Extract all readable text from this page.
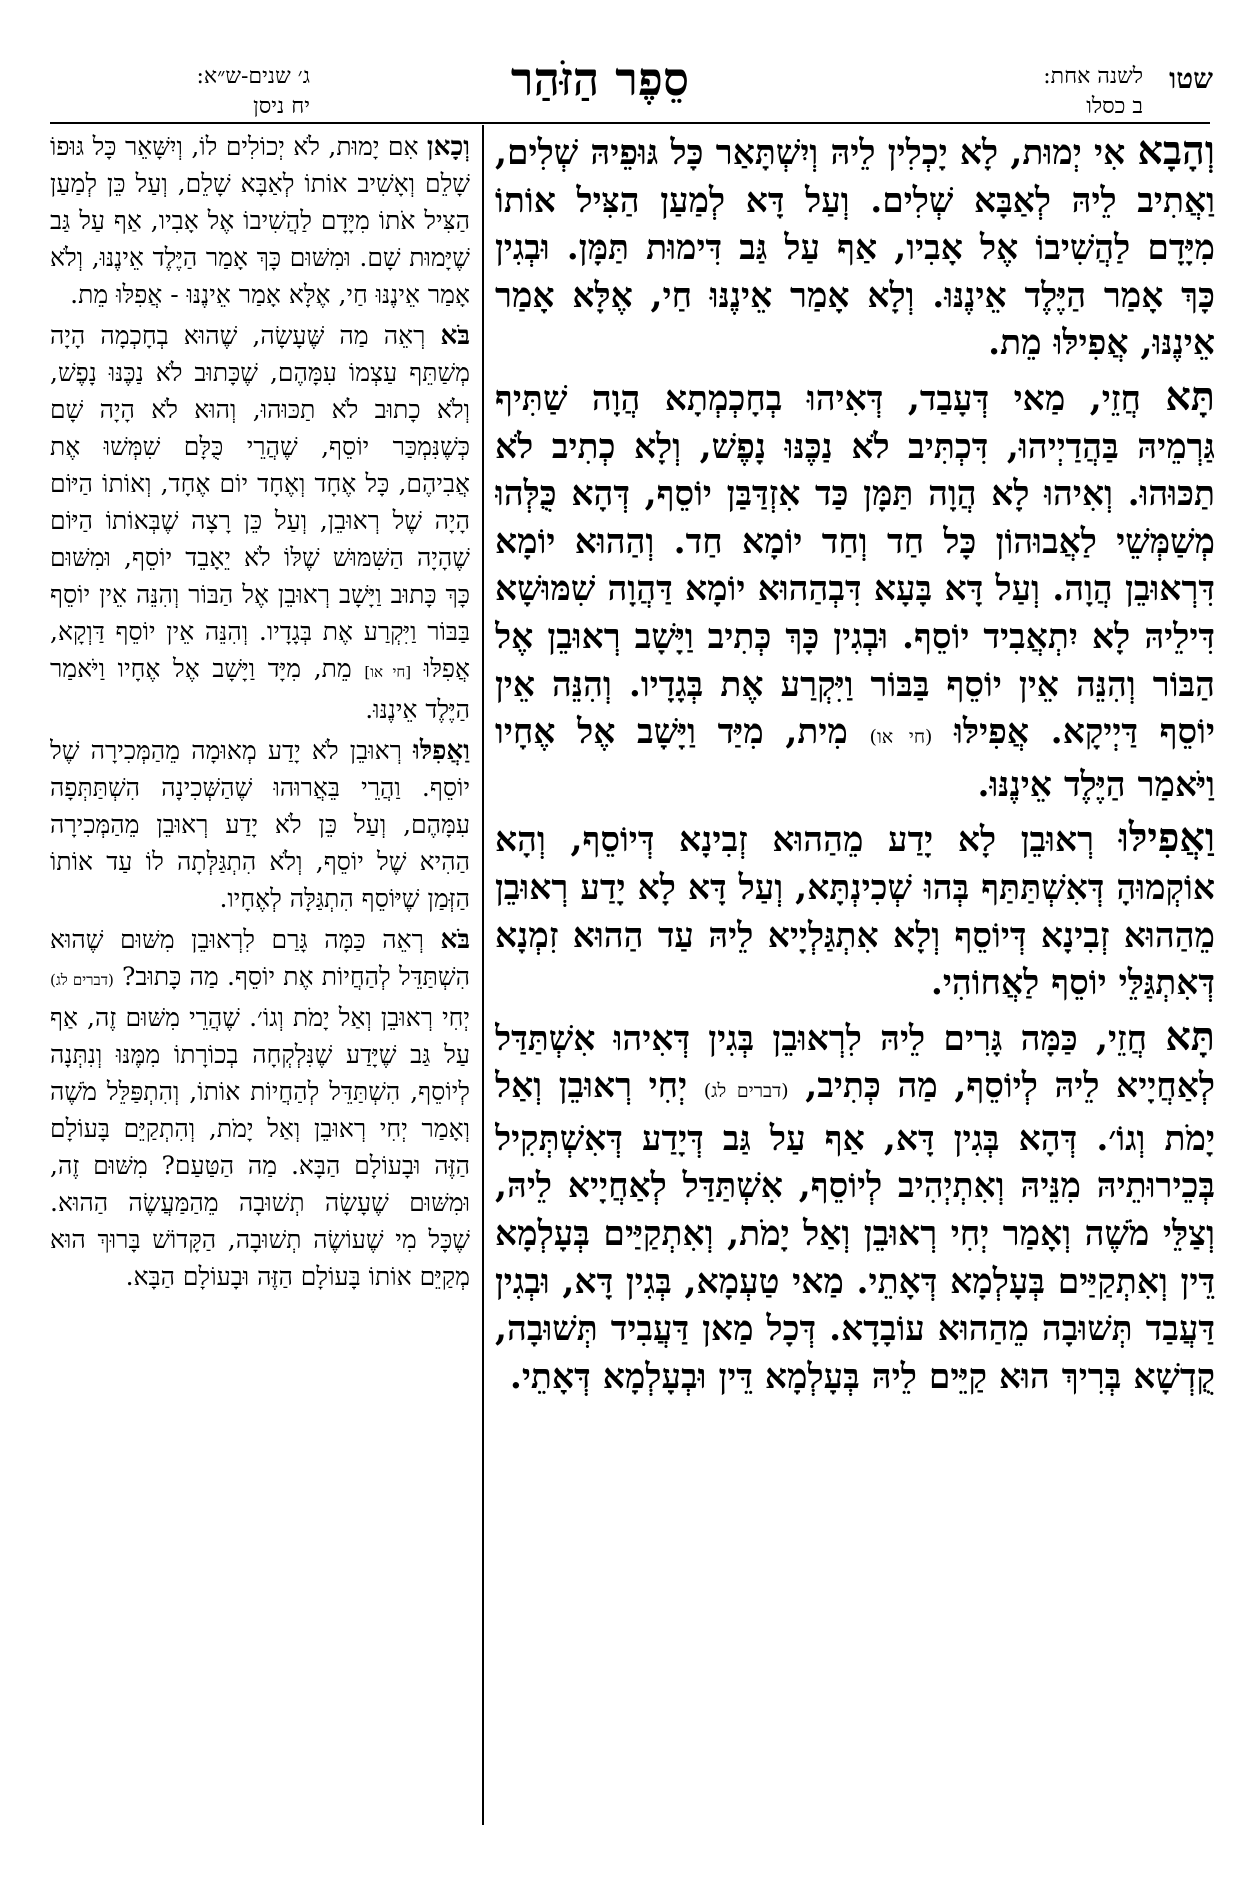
שטו
לשנה אחת:
ב כסלו
סֵפֶר הַזֹּהַר
ג׳ שנים-ש״א:
יח ניסן

וְהָבָא אִי יְמוּת, לָא יָכְלִין לֵיהּ וְיִשְׁתָּאַר כָּל גּוּפֵיהּ שְׁלִים, וַאֲתִיב לֵיהּ לְאַבָּא שְׁלִים. וְעַל דָּא לְמַעַן הַצִּיל אוֹתוֹ מִיָּדָם לַהֲשִׁיבוֹ אֶל אָבִיו, אַף עַל גַּב דִּימוּת תַּמָּן. וּבְגִין כָּךְ אָמַר הַיֶּלֶד אֵינֶנּוּ. וְלָא אָמַר אֵינֶנּוּ חַי, אֶלָּא אָמַר אֵינֶנּוּ, אֲפִילּוּ מֵת.

תָּא חֲזֵי, מַאי דְּעָבַד, דְּאִיהוּ בְחָכְמְתָא הֲוָה שַׁתִּיף גַּרְמֵיהּ בַּהֲדַיְיהוּ, דִּכְתִּיב לֹא נַכֶּנּוּ נָפֶשׁ, וְלָא כְתִיב לֹא תַכּוּהוּ. וְאִיהוּ לָא הֲוָה תַּמָּן כַּד אִזְדַּבַּן יוֹסֵף, דְּהָא כֻּלְּהוּ מְשַׁמְּשֵׁי לַאֲבוּהוֹן כָּל חַד וְחַד יוֹמָא חַד. וְהַהוּא יוֹמָא דִּרְאוּבֵן הֲוָה. וְעַל דָּא בָּעָא דִּבְהַהוּא יוֹמָא דַּהֲוָה שִׁמּוּשָׁא דִּילֵיהּ לָא יִתְאֲבִיד יוֹסֵף. וּבְגִין כָּךְ כְּתִיב וַיָּשָׁב רְאוּבֵן אֶל הַבּוֹר וְהִנֵּה אֵין יוֹסֵף בַּבּוֹר וַיִּקְרַע אֶת בְּגָדָיו. וְהִנֵּה אֵין יוֹסֵף דַּיְיקָא. אֲפִילּוּ (חי או) מִית, מִיַּד וַיָּשָׁב אֶל אֶחָיו וַיֹּאמַר הַיֶּלֶד אֵינֶנּוּ.

וַאֲפִילּוּ רְאוּבֵן לָא יָדַע מֵהַהוּא זְבִינָא דְּיוֹסֵף, וְהָא אוֹקְמוּהָ דְּאִשְׁתַּתַּף בְּהוּ שְׁכִינְתָּא, וְעַל דָּא לָא יָדַע רְאוּבֵן מֵהַהוּא זְבִינָא דְּיוֹסֵף וְלָא אִתְגַּלְיָיא לֵיהּ עַד הַהוּא זִמְנָא דְּאִתְגַּלֵּי יוֹסֵף לַאֲחוֹהִי.

תָּא חֲזֵי, כַּמָּה גָּרִים לֵיהּ לִרְאוּבֵן בְּגִין דְּאִיהוּ אִשְׁתַּדַּל לְאַחֲיָיא לֵיהּ לְיוֹסֵף, מַה כְּתִיב, (דברים לג) יְחִי רְאוּבֵן וְאַל יָמֹת וְגוֹ׳. דְּהָא בְּגִין דָּא, אַף עַל גַּב דְּיָדַע דְּאִשְׁתְּקִיל בְּכֵירוּתֵיהּ מִנֵּיהּ וְאִתְיְהִיב לְיוֹסֵף, אִשְׁתַּדַּל לְאַחֲיָיא לֵיהּ, וְצַלֵּי מֹשֶׁה וְאָמַר יְחִי רְאוּבֵן וְאַל יָמֹת, וְאִתְקַיַּים בְּעָלְמָא דֵּין וְאִתְקַיַּים בְּעָלְמָא דְּאָתֵי. מַאי טַעְמָא, בְּגִין דָּא, וּבְגִין דַּעֲבַד תְּשׁוּבָה מֵהַהוּא עוֹבָדָא. דְּכָל מַאן דַּעֲבִיד תְּשׁוּבָה, קֻדְשָׁא בְּרִיךְ הוּא קַיֵּים לֵיהּ בְּעָלְמָא דֵּין וּבְעָלְמָא דְּאָתֵי.

וְכָאן אִם יָמוּת, לֹא יְכוֹלִים לוֹ, וְיִשָּׁאֵר כָּל גּוּפוֹ שָׁלֵם וְאָשִׁיב אוֹתוֹ לְאַבָּא שָׁלֵם, וְעַל כֵּן לְמַעַן הַצִּיל אֹתוֹ מִיָּדָם לַהֲשִׁיבוֹ אֶל אָבִיו, אַף עַל גַּב שֶׁיָּמוּת שָׁם. וּמִשּׁוּם כָּךְ אָמַר הַיֶּלֶד אֵינֶנּוּ, וְלֹא אָמַר אֵינֶנּוּ חַי, אֶלָּא אָמַר אֵינֶנּוּ - אֲפִלּוּ מֵת.

בֹּא רְאֵה מַה שֶּׁעָשָׂה, שֶׁהוּא בְחָכְמָה הָיָה מְשַׁתֵּף עַצְמוֹ עִמָּהֶם, שֶׁכָּתוּב לֹא נַכֶּנּוּ נָפֶשׁ, וְלֹא כָתוּב לֹא תַכּוּהוּ, וְהוּא לֹא הָיָה שָׁם כְּשֶׁנִּמְכַּר יוֹסֵף, שֶׁהֲרֵי כֻּלָּם שִׁמְּשׁוּ אֶת אֲבִיהֶם, כָּל אֶחָד וְאֶחָד יוֹם אֶחָד, וְאוֹתוֹ הַיּוֹם הָיָה שֶׁל רְאוּבֵן, וְעַל כֵּן רָצָה שֶׁבְּאוֹתוֹ הַיּוֹם שֶׁהָיָה הַשִּׁמּוּשׁ שֶׁלּוֹ לֹא יֵאָבֵד יוֹסֵף, וּמִשּׁוּם כָּךְ כָּתוּב וַיָּשָׁב רְאוּבֵן אֶל הַבּוֹר וְהִנֵּה אֵין יוֹסֵף בַּבּוֹר וַיִּקְרַע אֶת בְּגָדָיו. וְהִנֵּה אֵין יוֹסֵף דַּוְקָא, אֲפִלּוּ [חי או] מֵת, מִיָּד וַיָּשָׁב אֶל אֶחָיו וַיֹּאמַר הַיֶּלֶד אֵינֶנּוּ.

וַאֲפִלּוּ רְאוּבֵן לֹא יָדַע מְאוּמָה מֵהַמְּכִירָה שֶׁל יוֹסֵף. וַהֲרֵי בֵּאֲרוּהוּ שֶׁהַשְּׁכִינָה הִשְׁתַּתְּפָה עִמָּהֶם, וְעַל כֵּן לֹא יָדַע רְאוּבֵן מֵהַמְּכִירָה הַהִיא שֶׁל יוֹסֵף, וְלֹא הִתְגַּלְּתָה לוֹ עַד אוֹתוֹ הַזְּמַן שֶׁיּוֹסֵף הִתְגַּלָּה לְאֶחָיו.

בֹּא רְאֵה כַּמָּה גָּרַם לִרְאוּבֵן מִשּׁוּם שֶׁהוּא הִשְׁתַּדֵּל לְהַחֲיוֹת אֶת יוֹסֵף. מַה כָּתוּב? (דברים לג) יְחִי רְאוּבֵן וְאַל יָמֹת וְגוֹ׳. שֶׁהֲרֵי מִשּׁוּם זֶה, אַף עַל גַּב שֶׁיָּדַע שֶׁנִּלְקְחָה בְכוֹרָתוֹ מִמֶּנּוּ וְנִתְּנָה לְיוֹסֵף, הִשְׁתַּדֵּל לְהַחֲיוֹת אוֹתוֹ, וְהִתְפַּלֵּל מֹשֶׁה וְאָמַר יְחִי רְאוּבֵן וְאַל יָמֹת, וְהִתְקַיֵּם בָּעוֹלָם הַזֶּה וּבָעוֹלָם הַבָּא. מַה הַטַּעַם? מִשּׁוּם זֶה, וּמִשּׁוּם שֶׁעָשָׂה תְשׁוּבָה מֵהַמַּעֲשֶׂה הַהוּא. שֶׁכָּל מִי שֶׁעוֹשֶׂה תְשׁוּבָה, הַקָּדוֹשׁ בָּרוּךְ הוּא מְקַיֵּם אוֹתוֹ בָּעוֹלָם הַזֶּה וּבָעוֹלָם הַבָּא.
